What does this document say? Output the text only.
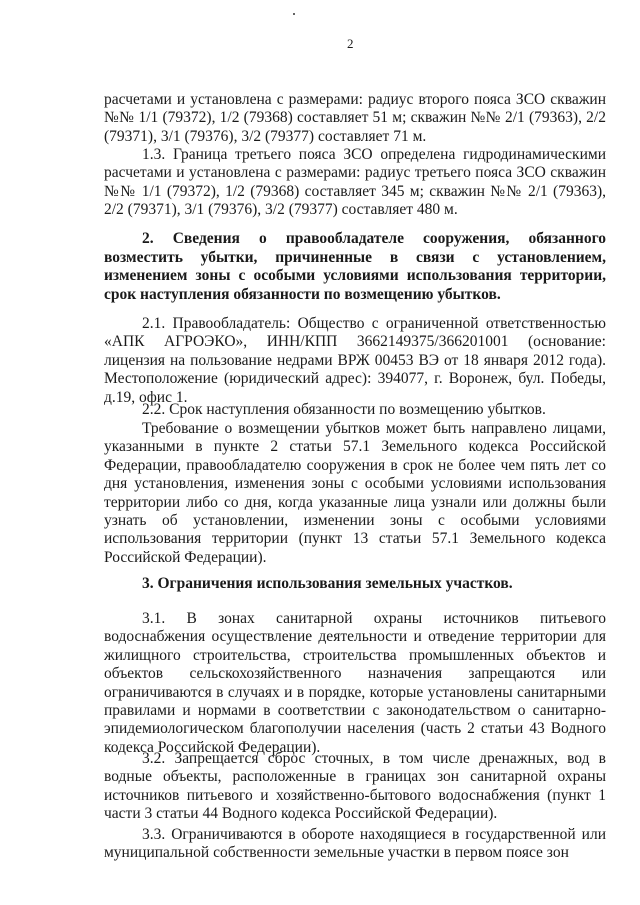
2

расчетами и установлена с размерами: радиус второго пояса ЗСО скважин №№ 1/1 (79372), 1/2 (79368) составляет 51 м; скважин №№ 2/1 (79363), 2/2 (79371), 3/1 (79376), 3/2 (79377) составляет 71 м.

1.3. Граница третьего пояса ЗСО определена гидродинамическими расчетами и установлена с размерами: радиус третьего пояса ЗСО скважин №№ 1/1 (79372), 1/2 (79368) составляет 345 м; скважин №№ 2/1 (79363), 2/2 (79371), 3/1 (79376), 3/2 (79377) составляет 480 м.

2. Сведения о правообладателе сооружения, обязанного возместить убытки, причиненные в связи с установлением, изменением зоны с особыми условиями использования территории, срок наступления обязанности по возмещению убытков.

2.1. Правообладатель: Общество с ограниченной ответственностью «АПК АГРОЭКО», ИНН/КПП 3662149375/366201001 (основание: лицензия на пользование недрами ВРЖ 00453 ВЭ от 18 января 2012 года). Местоположение (юридический адрес): 394077, г. Воронеж, бул. Победы, д.19, офис 1.

2.2. Срок наступления обязанности по возмещению убытков.

Требование о возмещении убытков может быть направлено лицами, указанными в пункте 2 статьи 57.1 Земельного кодекса Российской Федерации, правообладателю сооружения в срок не более чем пять лет со дня установления, изменения зоны с особыми условиями использования территории либо со дня, когда указанные лица узнали или должны были узнать об установлении, изменении зоны с особыми условиями использования территории (пункт 13 статьи 57.1 Земельного кодекса Российской Федерации).

3. Ограничения использования земельных участков.

3.1. В зонах санитарной охраны источников питьевого водоснабжения осуществление деятельности и отведение территории для жилищного строительства, строительства промышленных объектов и объектов сельскохозяйственного назначения запрещаются или ограничиваются в случаях и в порядке, которые установлены санитарными правилами и нормами в соответствии с законодательством о санитарно-эпидемиологическом благополучии населения (часть 2 статьи 43 Водного кодекса Российской Федерации).

3.2. Запрещается сброс сточных, в том числе дренажных, вод в водные объекты, расположенные в границах зон санитарной охраны источников питьевого и хозяйственно-бытового водоснабжения (пункт 1 части 3 статьи 44 Водного кодекса Российской Федерации).

3.3. Ограничиваются в обороте находящиеся в государственной или муниципальной собственности земельные участки в первом поясе зон
